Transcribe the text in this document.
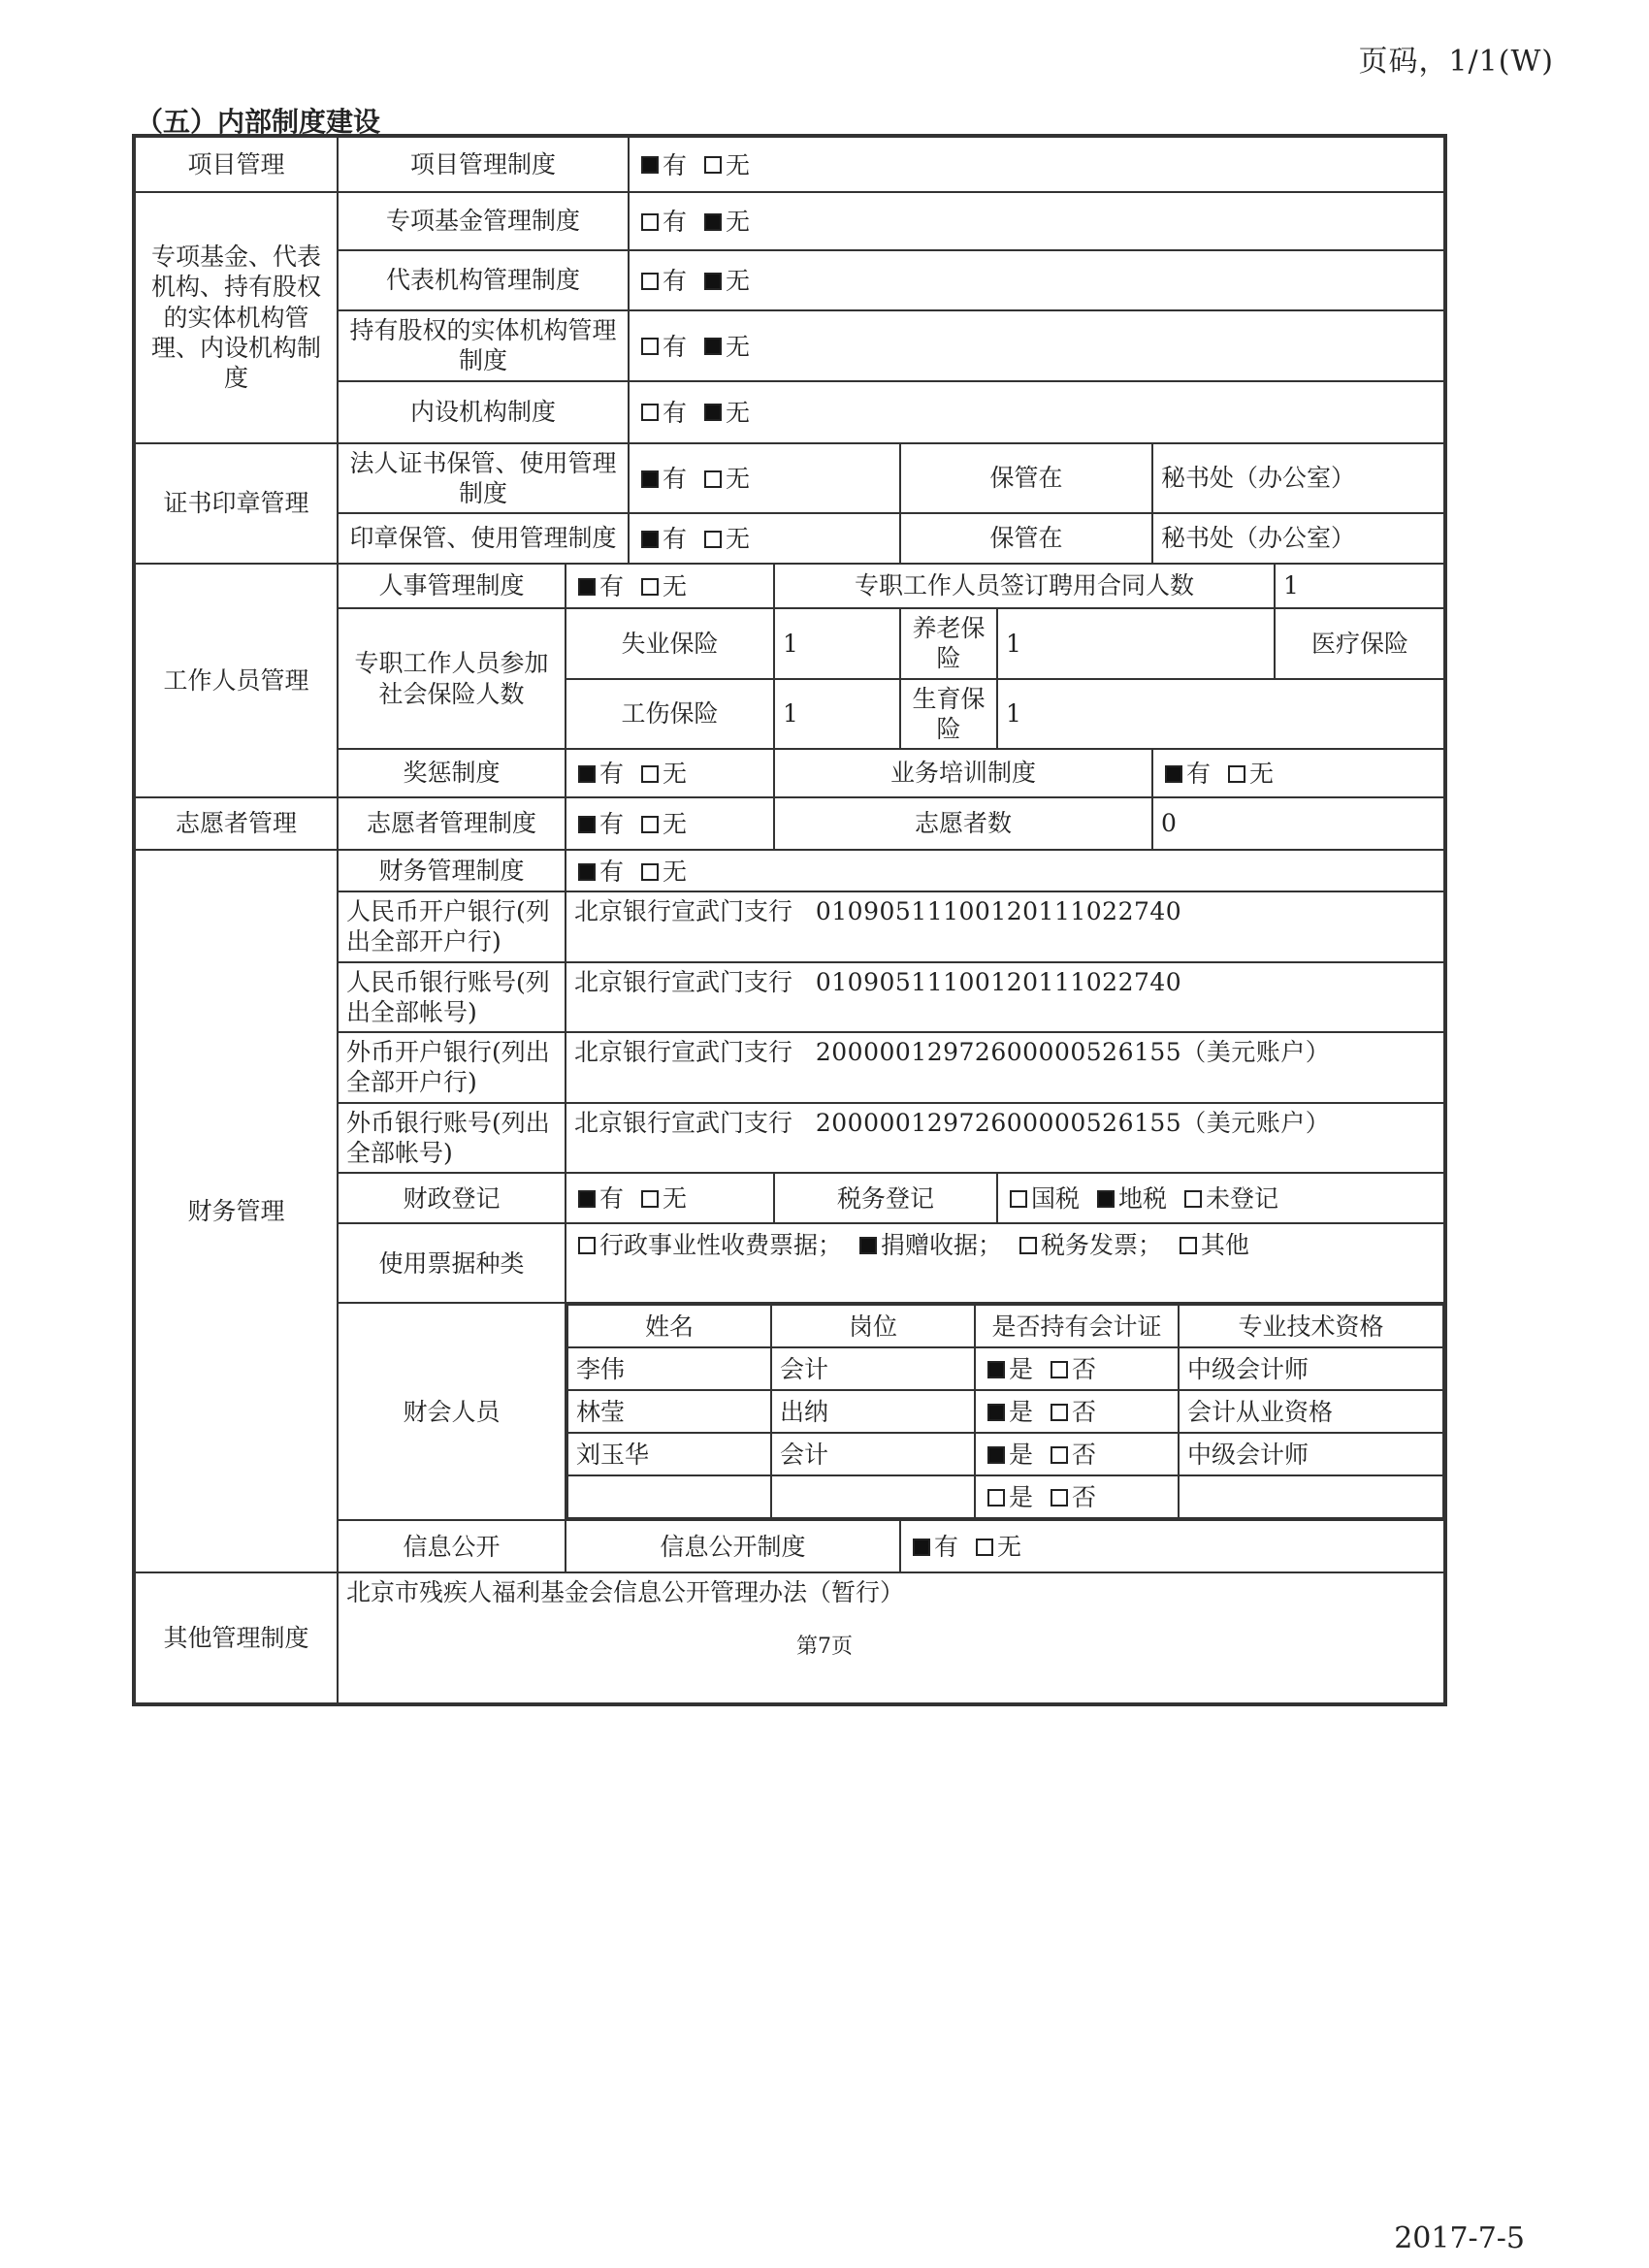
页码，1/1(W)
（五）内部制度建设
项目管理	项目管理制度	有 无
专项基金、代表机构、持有股权的实体机构管理、内设机构制度	专项基金管理制度	有 无
代表机构管理制度	有 无
持有股权的实体机构管理制度	有 无
内设机构制度	有 无
证书印章管理	法人证书保管、使用管理制度	有 无	保管在	秘书处（办公室）
印章保管、使用管理制度	有 无	保管在	秘书处（办公室）
工作人员管理	人事管理制度	有 无	专职工作人员签订聘用合同人数	1
专职工作人员参加社会保险人数	失业保险	1	养老保险	1	医疗保险	
工伤保险	1	生育保险	1
奖惩制度	有 无	业务培训制度	有 无
志愿者管理	志愿者管理制度	有 无	志愿者数	0
财务管理	财务管理制度	有 无
人民币开户银行(列出全部开户行)	北京银行宣武门支行 01090511100120111022740
人民币银行账号(列出全部帐号)	北京银行宣武门支行 01090511100120111022740
外币开户银行(列出全部开户行)	北京银行宣武门支行 20000012972600000526155（美元账户）
外币银行账号(列出全部帐号)	北京银行宣武门支行 20000012972600000526155（美元账户）
财政登记	有 无	税务登记	国税 地税 未登记
使用票据种类	行政事业性收费票据； 捐赠收据； 税务发票； 其他
财会人员	
姓名	岗位	是否持有会计证	专业技术资格
李伟	会计	是 否	中级会计师
林莹	出纳	是 否	会计从业资格
刘玉华	会计	是 否	中级会计师
		是 否	

信息公开	信息公开制度	有 无
其他管理制度	北京市残疾人福利基金会信息公开管理办法（暂行）
第7页
2017-7-5
